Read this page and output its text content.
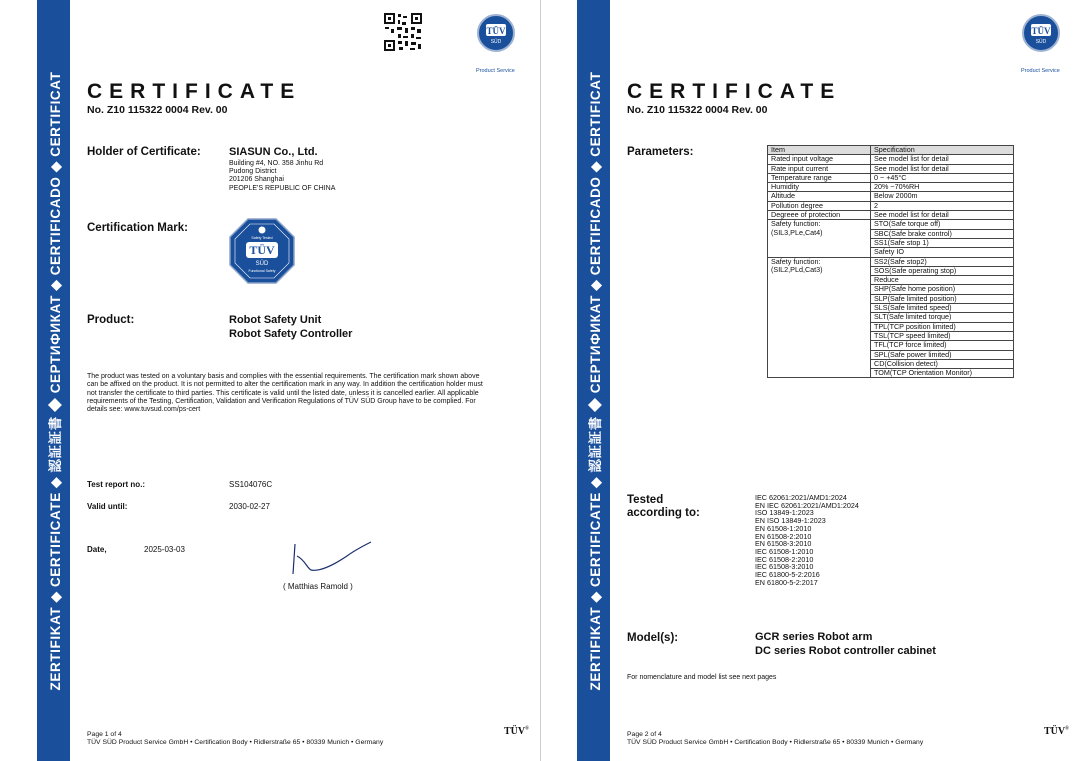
TÜV
SÜD
Product Service
CERTIFICATE
No. Z10 115322 0004 Rev. 00
Holder of Certificate:	SIASUN Co., Ltd.
Building #4, NO. 358 Jinhu Rd
Pudong District
201206 Shanghai
PEOPLE'S REPUBLIC OF CHINA
Certification Mark:
Safety Tested
TÜV
SÜD
Functional Safety
Product:	Robot Safety Unit
Robot Safety Controller
The product was tested on a voluntary basis and complies with the essential requirements. The certification mark shown above can be affixed on the product. It is not permitted to alter the certification mark in any way. In addition the certification holder must not transfer the certificate to third parties. This certificate is valid until the listed date, unless it is cancelled earlier. All applicable requirements of the Testing, Certification, Validation and Verification Regulations of TÜV SÜD Group have to be complied. For details see: www.tuvsud.com/ps-cert
Test report no.:	SS104076C
Valid until:	2030-02-27
Date,	2025-03-03
( Matthias Ramold )
Page 1 of 4
TÜV SÜD Product Service GmbH • Certification Body • Ridlerstraße 65 • 80339 Munich • Germany
TÜV®
TÜV
SÜD
Product Service
CERTIFICATE
No. Z10 115322 0004 Rev. 00
Parameters:	Item	Specification
Rated input voltage	See model list for detail
Rate input current	See model list for detail
Temperature range	0 ~ +45°C
Humidity	20% ~70%RH
Altitude	Below 2000m
Pollution degree	2
Degreee of protection	See model list for detail
Safety function:	STO(Safe torque off)
(SIL3,PLe,Cat4)	SBC(Safe brake control)
	SS1(Safe stop 1)
	Safety IO
Safety function:	SS2(Safe stop2)
(SIL2,PLd,Cat3)	SOS(Safe operating stop)
	Reduce
	SHP(Safe home position)
	SLP(Safe limited position)
	SLS(Safe limited speed)
	SLT(Safe limited torque)
	TPL(TCP position limited)
	TSL(TCP speed limited)
	TFL(TCP force limited)
	SPL(Safe power limited)
	CD(Collision detect)
	TOM(TCP Orientation Monitor)
Tested
according to:
IEC 62061:2021/AMD1:2024
EN IEC 62061:2021/AMD1:2024
ISO 13849-1:2023
EN ISO 13849-1:2023
EN 61508-1:2010
EN 61508-2:2010
EN 61508-3:2010
IEC 61508-1:2010
IEC 61508-2:2010
IEC 61508-3:2010
IEC 61800-5-2:2016
EN 61800-5-2:2017
Model(s):	GCR series Robot arm
DC series Robot controller cabinet
For nomenclature and model list see next pages
Page 2 of 4
TÜV SÜD Product Service GmbH • Certification Body • Ridlerstraße 65 • 80339 Munich • Germany
TÜV®
ZERTIFIKAT ◆ CERTIFICATE ◆ 認証証書 ◆ СЕРТИФИКАТ ◆ CERTIFICADO ◆ CERTIFICAT	ZERTIFIKAT ◆ CERTIFICATE ◆ 認証証書 ◆ СЕРТИФИКАТ ◆ CERTIFICADO ◆ CERTIFICAT
